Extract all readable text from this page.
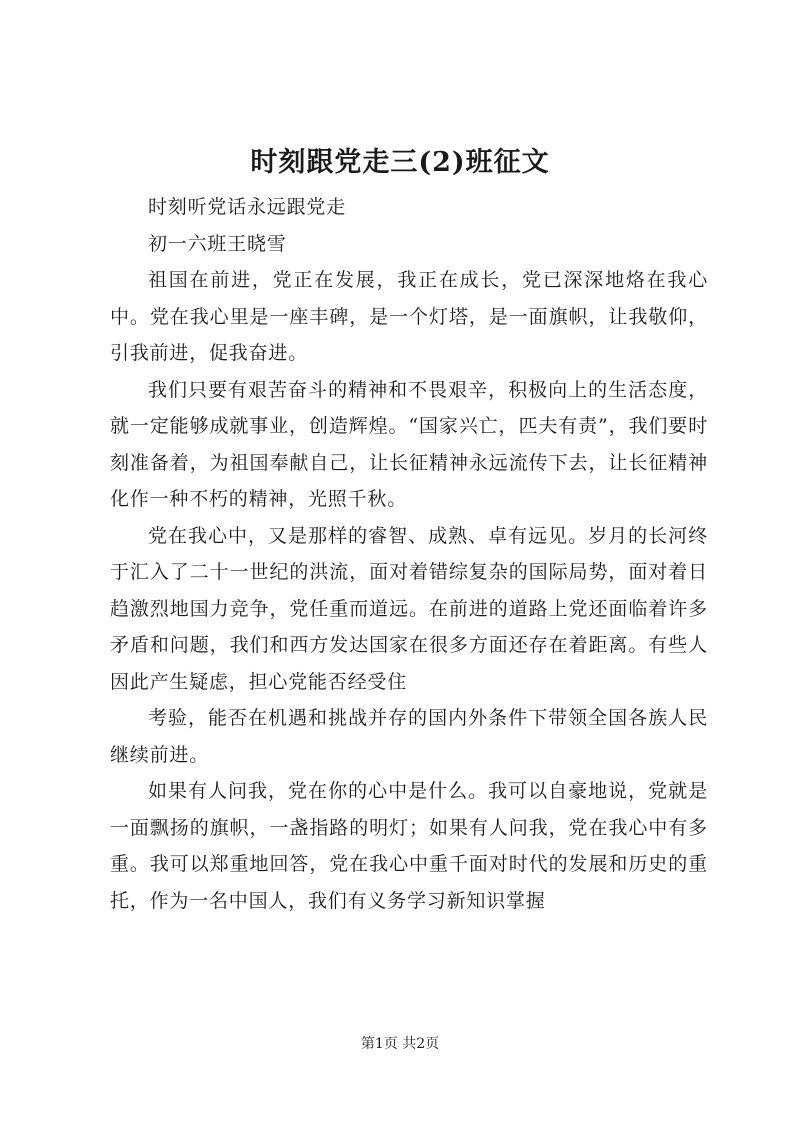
时刻跟党走三(2)班征文

时刻听党话永远跟党走

初一六班王晓雪

祖国在前进，党正在发展，我正在成长，党已深深地烙在我心中。党在我心里是一座丰碑，是一个灯塔，是一面旗帜，让我敬仰，引我前进，促我奋进。

我们只要有艰苦奋斗的精神和不畏艰辛，积极向上的生活态度，就一定能够成就事业，创造辉煌。“国家兴亡，匹夫有责”，我们要时刻准备着，为祖国奉献自己，让长征精神永远流传下去，让长征精神化作一种不朽的精神，光照千秋。

党在我心中，又是那样的睿智、成熟、卓有远见。岁月的长河终于汇入了二十一世纪的洪流，面对着错综复杂的国际局势，面对着日趋激烈地国力竞争，党任重而道远。在前进的道路上党还面临着许多矛盾和问题，我们和西方发达国家在很多方面还存在着距离。有些人因此产生疑虑，担心党能否经受住

考验，能否在机遇和挑战并存的国内外条件下带领全国各族人民继续前进。

如果有人问我，党在你的心中是什么。我可以自豪地说，党就是一面飘扬的旗帜，一盏指路的明灯；如果有人问我，党在我心中有多重。我可以郑重地回答，党在我心中重千面对时代的发展和历史的重托，作为一名中国人，我们有义务学习新知识掌握

第1页 共2页
